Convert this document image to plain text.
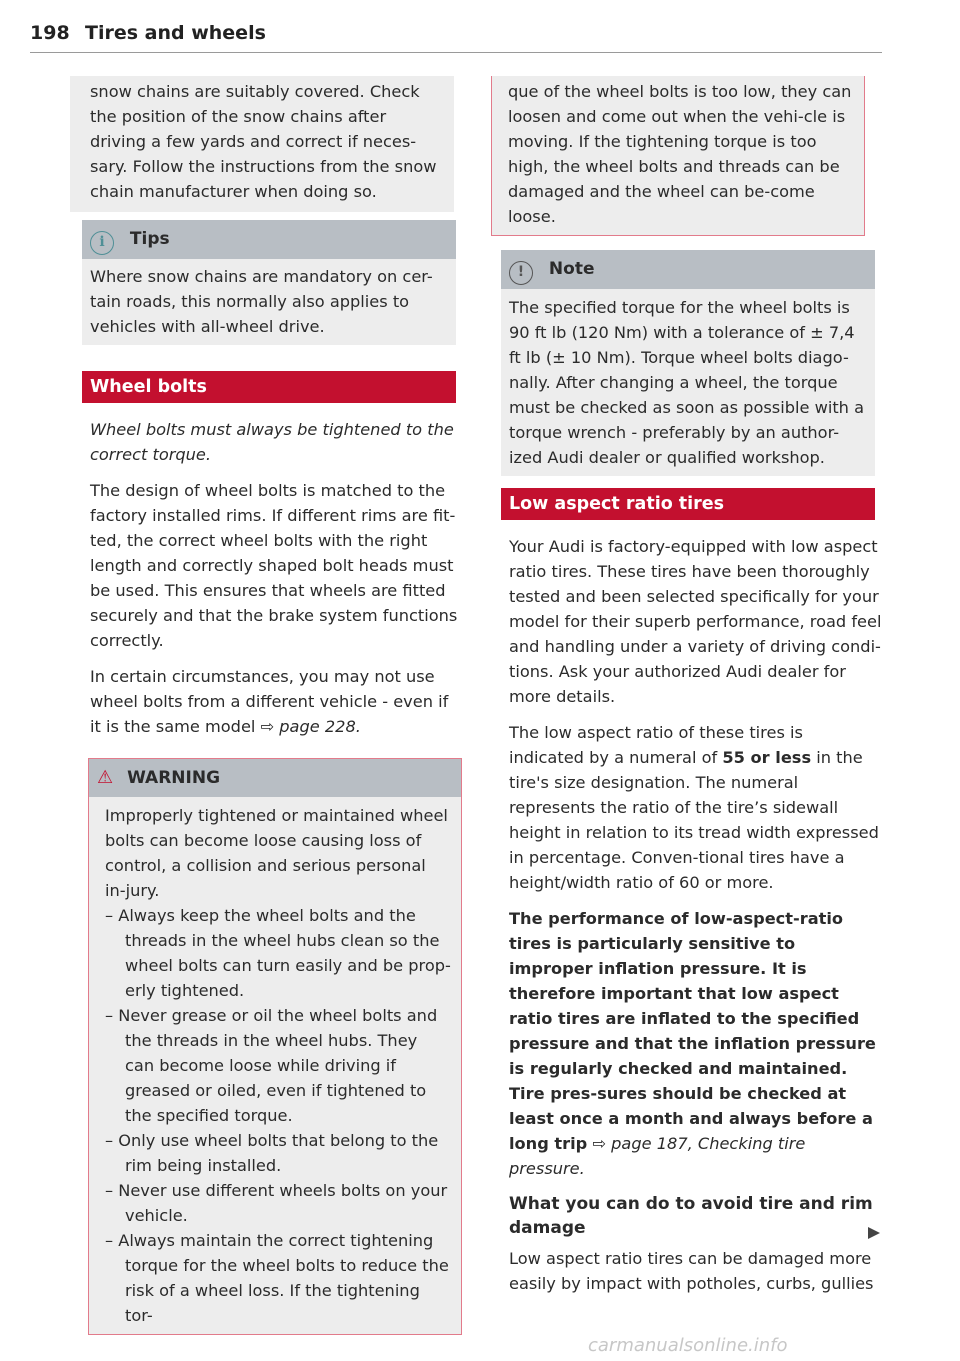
198 Tires and wheels
snow chains are suitably covered. Check the position of the snow chains after driving a few yards and correct if neces-sary. Follow the instructions from the snow chain manufacturer when doing so.
i Tips
Where snow chains are mandatory on cer-tain roads, this normally also applies to vehicles with all-wheel drive.
Wheel bolts

Wheel bolts must always be tightened to the correct torque.

The design of wheel bolts is matched to the factory installed rims. If different rims are fit-ted, the correct wheel bolts with the right length and correctly shaped bolt heads must be used. This ensures that wheels are fitted securely and that the brake system functions correctly.

In certain circumstances, you may not use wheel bolts from a different vehicle - even if it is the same model ⇨ page 228.

⚠ WARNING
Improperly tightened or maintained wheel bolts can become loose causing loss of control, a collision and serious personal in-jury.
– Always keep the wheel bolts and the threads in the wheel hubs clean so the wheel bolts can turn easily and be prop-erly tightened.
– Never grease or oil the wheel bolts and the threads in the wheel hubs. They can become loose while driving if greased or oiled, even if tightened to the specified torque.
– Only use wheel bolts that belong to the rim being installed.
– Never use different wheels bolts on your vehicle.
– Always maintain the correct tightening torque for the wheel bolts to reduce the risk of a wheel loss. If the tightening tor-
que of the wheel bolts is too low, they can loosen and come out when the vehi-cle is moving. If the tightening torque is too high, the wheel bolts and threads can be damaged and the wheel can be-come loose.
! Note
The specified torque for the wheel bolts is 90 ft lb (120 Nm) with a tolerance of ± 7,4 ft lb (± 10 Nm). Torque wheel bolts diago-nally. After changing a wheel, the torque must be checked as soon as possible with a torque wrench - preferably by an author-ized Audi dealer or qualified workshop.
Low aspect ratio tires

Your Audi is factory-equipped with low aspect ratio tires. These tires have been thoroughly tested and been selected specifically for your model for their superb performance, road feel and handling under a variety of driving condi-tions. Ask your authorized Audi dealer for more details.

The low aspect ratio of these tires is indicated by a numeral of 55 or less in the tire's size designation. The numeral represents the ratio of the tire’s sidewall height in relation to its tread width expressed in percentage. Conven-tional tires have a height/width ratio of 60 or more.

The performance of low-aspect-ratio tires is particularly sensitive to improper inflation pressure. It is therefore important that low aspect ratio tires are inflated to the specified pressure and that the inflation pressure is regularly checked and maintained. Tire pres-sures should be checked at least once a month and always before a long trip ⇨ page 187, Checking tire pressure.

What you can do to avoid tire and rim damage

Low aspect ratio tires can be damaged more easily by impact with potholes, curbs, gullies

carmanualsonline.info
